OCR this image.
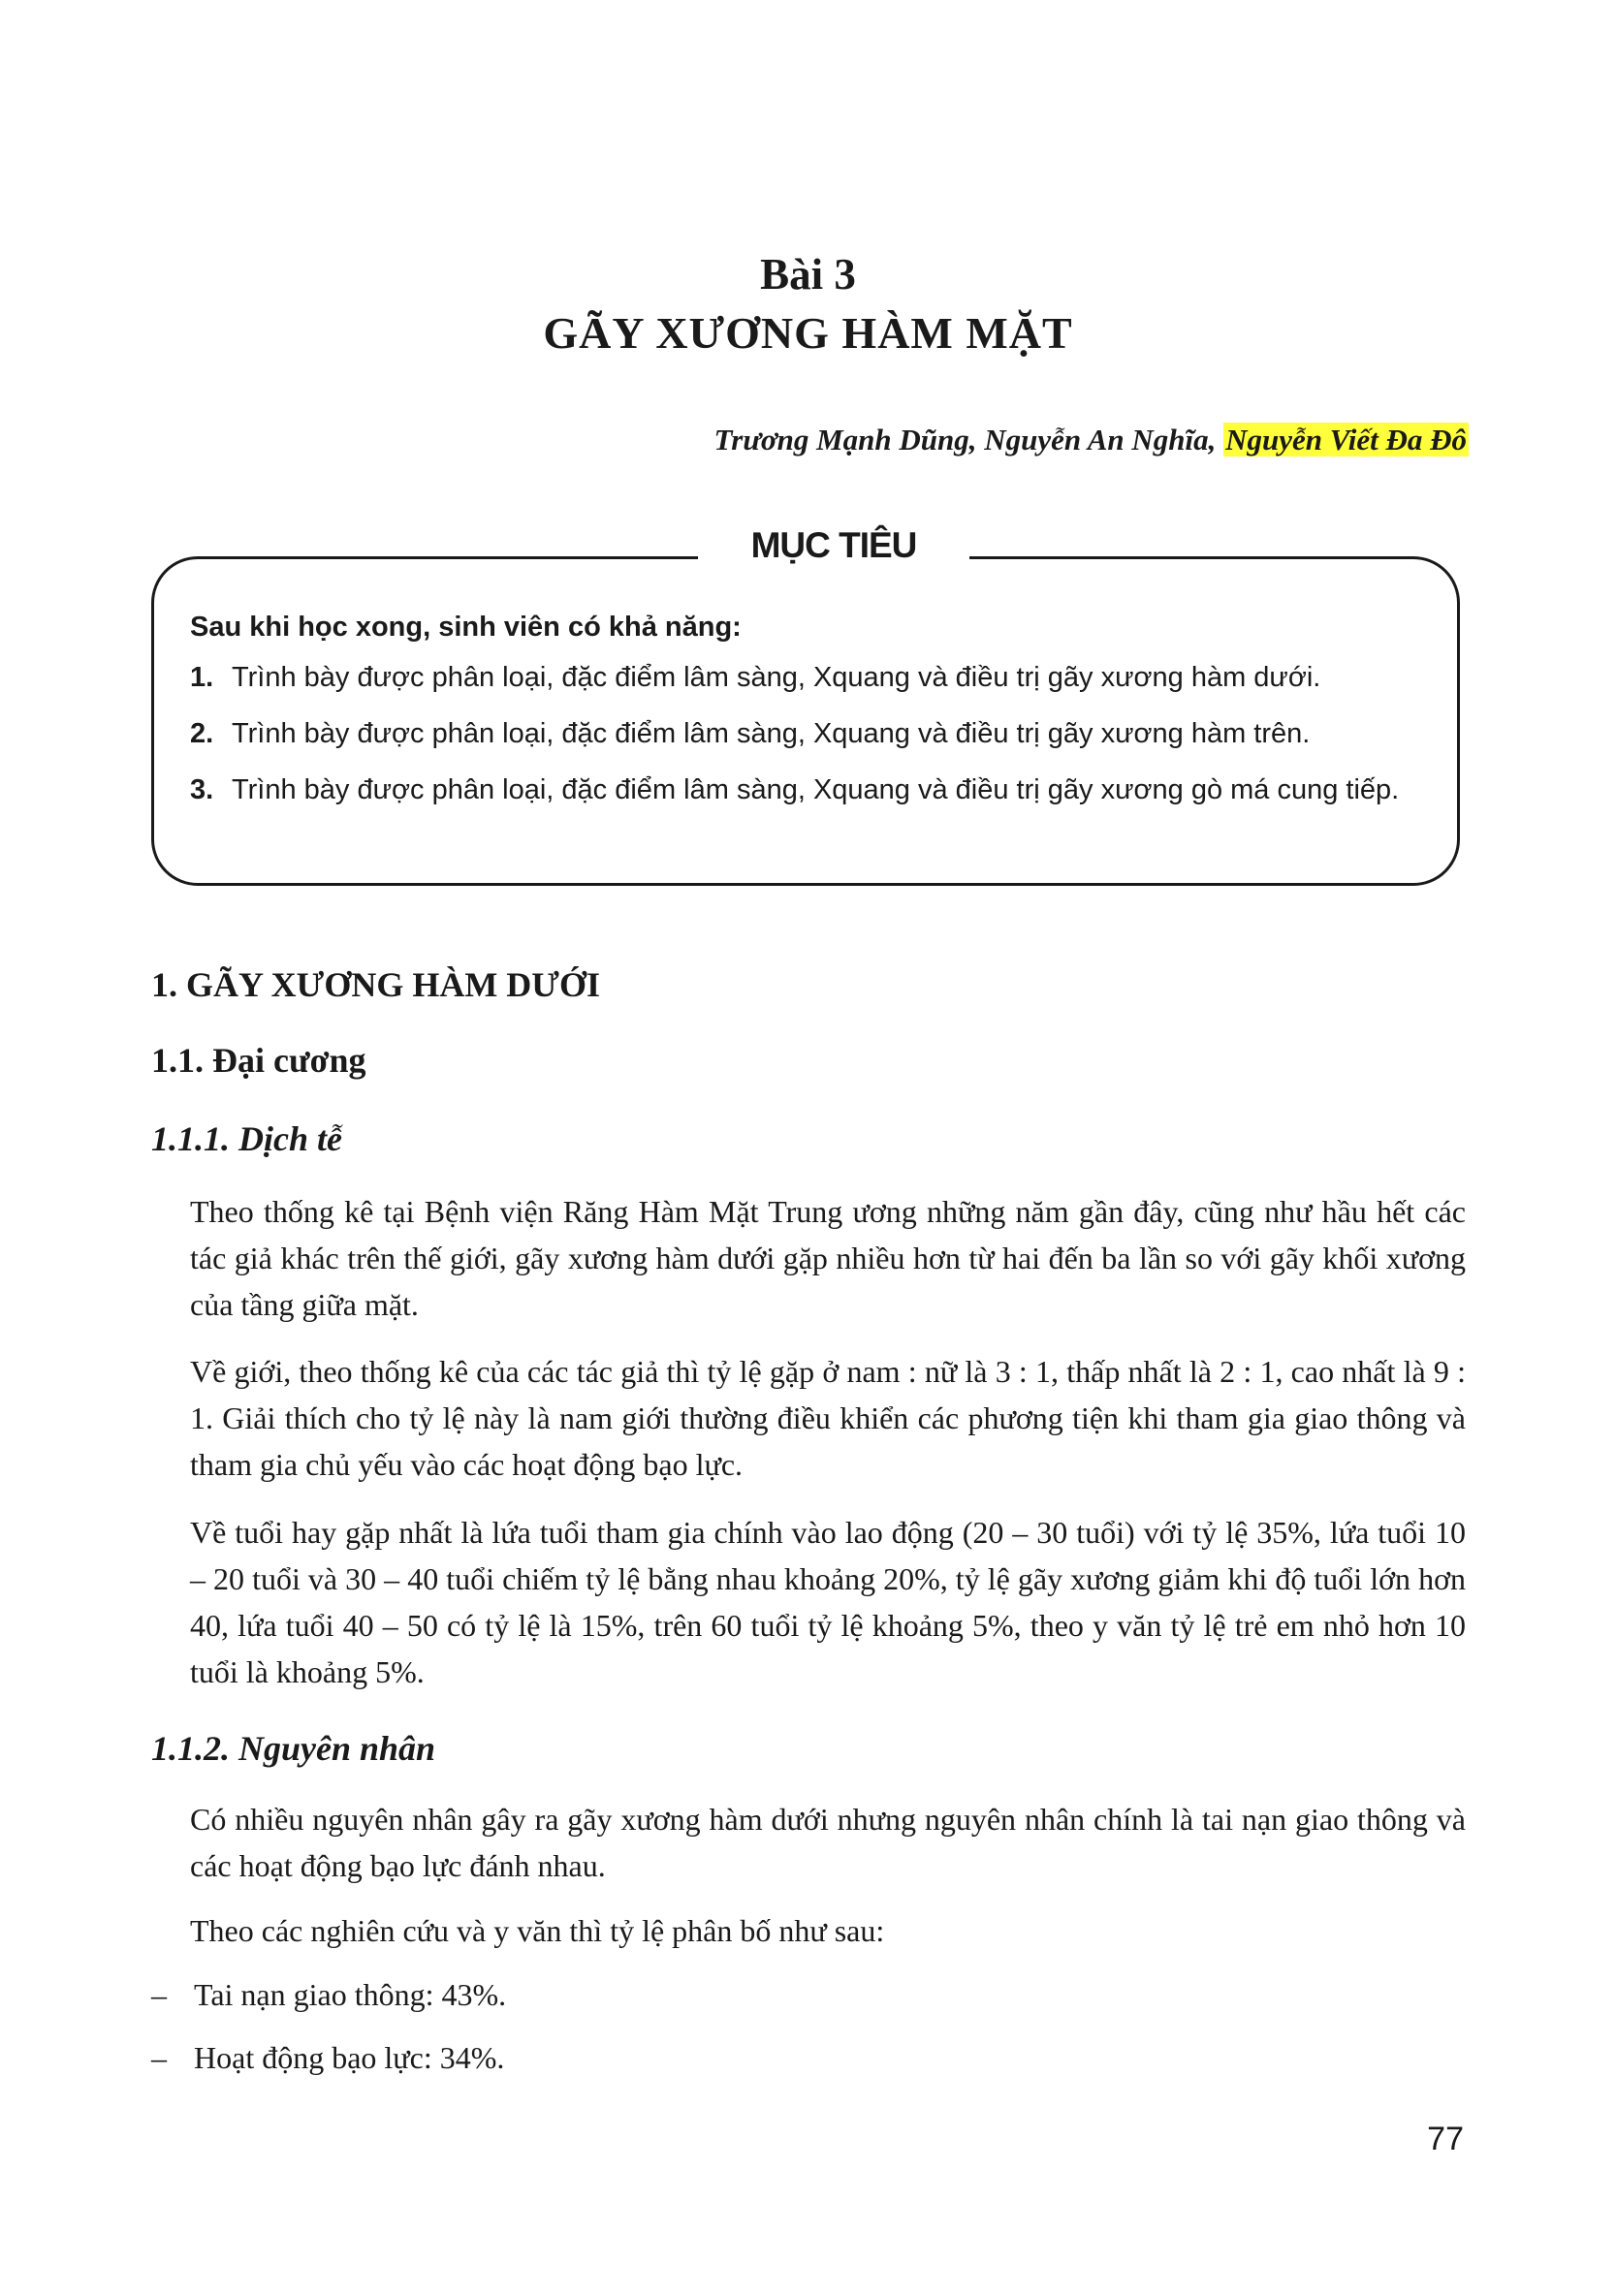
Bài 3
GÃY XƯƠNG HÀM MẶT
Trương Mạnh Dũng, Nguyễn An Nghĩa, Nguyễn Viết Đa Đô
MỤC TIÊU
Sau khi học xong, sinh viên có khả năng:
1. Trình bày được phân loại, đặc điểm lâm sàng, Xquang và điều trị gãy xương hàm dưới.
2. Trình bày được phân loại, đặc điểm lâm sàng, Xquang và điều trị gãy xương hàm trên.
3. Trình bày được phân loại, đặc điểm lâm sàng, Xquang và điều trị gãy xương gò má cung tiếp.
1. GÃY XƯƠNG HÀM DƯỚI
1.1. Đại cương
1.1.1. Dịch tễ
Theo thống kê tại Bệnh viện Răng Hàm Mặt Trung ương những năm gần đây, cũng như hầu hết các tác giả khác trên thế giới, gãy xương hàm dưới gặp nhiều hơn từ hai đến ba lần so với gãy khối xương của tầng giữa mặt.
Về giới, theo thống kê của các tác giả thì tỷ lệ gặp ở nam : nữ là 3 : 1, thấp nhất là 2 : 1, cao nhất là 9 : 1. Giải thích cho tỷ lệ này là nam giới thường điều khiển các phương tiện khi tham gia giao thông và tham gia chủ yếu vào các hoạt động bạo lực.
Về tuổi hay gặp nhất là lứa tuổi tham gia chính vào lao động (20 – 30 tuổi) với tỷ lệ 35%, lứa tuổi 10 – 20 tuổi và 30 – 40 tuổi chiếm tỷ lệ bằng nhau khoảng 20%, tỷ lệ gãy xương giảm khi độ tuổi lớn hơn 40, lứa tuổi 40 – 50 có tỷ lệ là 15%, trên 60 tuổi tỷ lệ khoảng 5%, theo y văn tỷ lệ trẻ em nhỏ hơn 10 tuổi là khoảng 5%.
1.1.2. Nguyên nhân
Có nhiều nguyên nhân gây ra gãy xương hàm dưới nhưng nguyên nhân chính là tai nạn giao thông và các hoạt động bạo lực đánh nhau.
Theo các nghiên cứu và y văn thì tỷ lệ phân bố như sau:
– Tai nạn giao thông: 43%.
– Hoạt động bạo lực: 34%.
77
